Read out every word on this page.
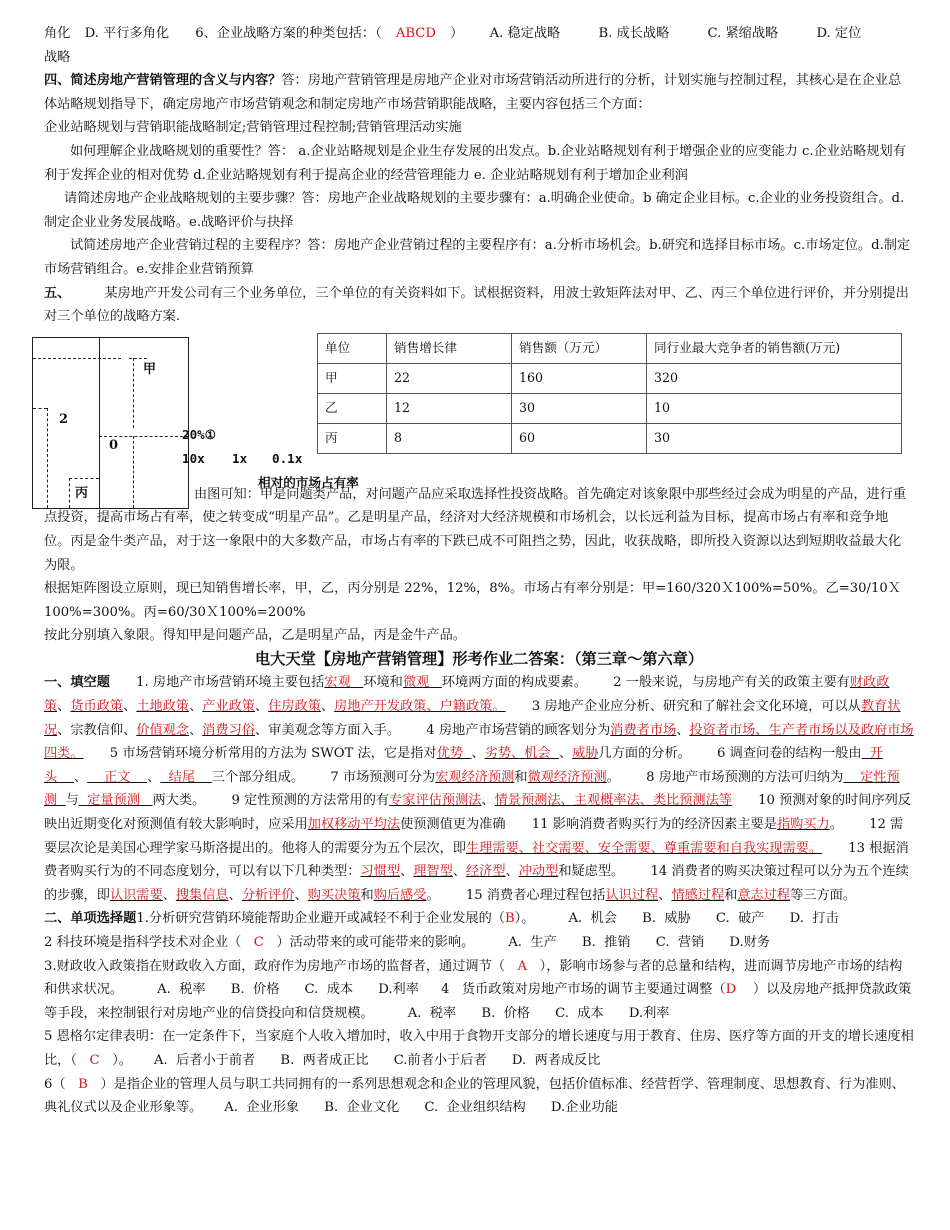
角化 D. 平行多角化 6、企业战略方案的种类包括：（ ABCD ） A. 稳定战略	B. 成长战略	C. 紧缩战略	D. 定位

战略

四、简述房地产营销管理的含义与内容？答：房地产营销管理是房地产企业对市场营销活动所进行的分析，计划实施与控制过程，其核心是在企业总体站略规划指导下，确定房地产市场营销观念和制定房地产市场营销职能战略，主要内容包括三个方面：

企业站略规划与营销职能战略制定;营销管理过程控制;营销管理活动实施

如何理解企业战略规划的重要性？答： a.企业站略规划是企业生存发展的出发点。b.企业站略规划有利于增强企业的应变能力 c.企业站略规划有利于发挥企业的相对优势 d.企业站略规划有利于提高企业的经营管理能力 e. 企业站略规划有利于增加企业利润

请简述房地产企业战略规划的主要步骤？答：房地产企业战略规划的主要步骤有：a.明确企业使命。b 确定企业目标。c.企业的业务投资组合。d.制定企业业务发展战略。e.战略评价与抉择

试简述房地产企业营销过程的主要程序？答：房地产企业营销过程的主要程序有：a.分析市场机会。b.研究和选择目标市场。c.市场定位。d.制定市场营销组合。e.安排企业营销预算

五、	某房地产开发公司有三个业务单位，三个单位的有关资料如下。试根据资料，用波士敦矩阵法对甲、乙、丙三个单位进行评价，并分别提出对三个单位的战略方案.

甲
2
0
丙
20%①
10x 1x 0.1x
相对的市场占有率
单位	销售增长律	销售额（万元）	同行业最大竞争者的销售额(万元)
甲	22	160	320
乙	12	30	10
丙	8	60	30

由图可知：甲是问题类产品，对问题产品应采取选择性投资战略。首先确定对该象限中那些经过会成为明星的产品，进行重点投资，提高市场占有率，使之转变成“明星产品”。乙是明星产品，经济对大经济规模和市场机会，以长远利益为目标，提高市场占有率和竞争地位。丙是金牛类产品，对于这一象限中的大多数产品，市场占有率的下跌已成不可阻挡之势，因此，收获战略，即所投入资源以达到短期收益最大化为限。

根据矩阵图设立原则，现已知销售增长率，甲，乙，丙分别是 22%，12%，8%。市场占有率分别是：甲=160/320Ｘ100%=50%。乙=30/10Ｘ100%=300%。丙=60/30Ｘ100%=200%

按此分别填入象限。得知甲是问题产品，乙是明星产品，丙是金牛产品。

电大天堂【房地产营销管理】形考作业二答案：（第三章～第六章）

一、填空题 1. 房地产市场营销环境主要包括宏观 环境和微观 环境两方面的构成要素。 2 一般来说，与房地产有关的政策主要有财政政策、货币政策、土地政策、产业政策、住房政策、房地产开发政策、户籍政策。 3 房地产企业应分析、研究和了解社会文化环境，可以从教育状况、宗教信仰、价值观念、消费习俗、审美观念等方面入手。 4 房地产市场营销的顾客划分为消费者市场、投资者市场、生产者市场以及政府市场四类。 5 市场营销环境分析常用的方法为 SWOT 法，它是指对优势 、劣势、机会 、威胁几方面的分析。 6 调查问卷的结构一般由 开头 、 正文 、 结尾 三个部分组成。 7 市场预测可分为宏观经济预测和微观经济预测。 8 房地产市场预测的方法可归纳为 定性预测 与 定量预测 两大类。 9 定性预测的方法常用的有专家评估预测法、情景预测法、主观概率法、类比预测法等 10 预测对象的时间序列反映出近期变化对预测值有较大影响时，应采用加权移动平均法使预测值更为准确 11 影响消费者购买行为的经济因素主要是指购买力。 12 需要层次论是美国心理学家马斯洛提出的。他将人的需要分为五个层次，即生理需要、社交需要、安全需要、尊重需要和自我实现需要。 13 根据消费者购买行为的不同态度划分，可以有以下几种类型：习惯型、理智型、经济型、冲动型和疑虑型。 14 消费者的购买决策过程可以分为五个连续的步骤，即认识需要、搜集信息、分析评价、购买决策和购后感受。 15 消费者心理过程包括认识过程、情感过程和意志过程等三方面。

二、单项选择题1.分析研究营销环境能帮助企业避开或减轻不利于企业发展的（B）。	A.  机会      B.  威胁      C.  破产      D.  打击

2 科技环境是指科学技术对企业（ C ）活动带来的或可能带来的影响。	A.  生产      B.  推销      C.  营销      D.财务

3.财政收入政策指在财政收入方面，政府作为房地产市场的监督者，通过调节（ A ），影响市场参与者的总量和结构，进而调节房地产市场的结构和供求状况。	A.  税率      B.  价格      C.  成本      D.利率 4   货币政策对房地产市场的调节主要通过调整（D ）以及房地产抵押贷款政策等手段，来控制银行对房地产业的信贷投向和信贷规模。	A.  税率      B.  价格      C.  成本      D.利率

5 恩格尔定律表明：在一定条件下，当家庭个人收入增加时，收入中用于食物开支部分的增长速度与用于教育、住房、医疗等方面的开支的增长速度相比，（ C ）。 A.  后者小于前者      B.  两者成正比      C.前者小于后者      D.  两者成反比

6（ B ）是指企业的管理人员与职工共同拥有的一系列思想观念和企业的管理风貌，包括价值标准、经营哲学、管理制度、思想教育、行为准则、典礼仪式以及企业形象等。 A.  企业形象      B.  企业文化      C.  企业组织结构      D.企业功能
